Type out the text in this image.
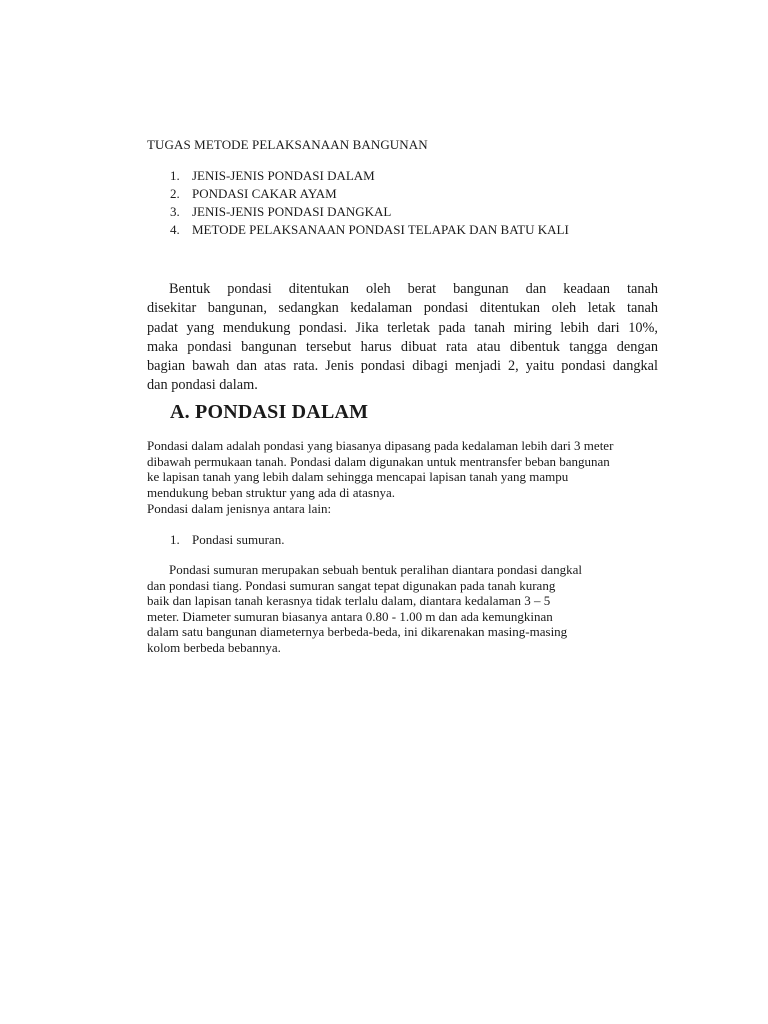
TUGAS METODE PELAKSANAAN BANGUNAN
1. JENIS-JENIS PONDASI DALAM
2. PONDASI CAKAR AYAM
3. JENIS-JENIS PONDASI DANGKAL
4. METODE PELAKSANAAN PONDASI TELAPAK DAN BATU KALI

Bentuk pondasi ditentukan oleh berat bangunan dan keadaan tanah
disekitar bangunan, sedangkan kedalaman pondasi ditentukan oleh letak tanah
padat yang mendukung pondasi. Jika terletak pada tanah miring lebih dari 10%,
maka pondasi bangunan tersebut harus dibuat rata atau dibentuk tangga dengan
bagian bawah dan atas rata. Jenis pondasi dibagi menjadi 2, yaitu pondasi dangkal
dan pondasi dalam.

A. PONDASI DALAM

Pondasi dalam adalah pondasi yang biasanya dipasang pada kedalaman lebih dari 3 meter
dibawah permukaan tanah. Pondasi dalam digunakan untuk mentransfer beban bangunan
ke lapisan tanah yang lebih dalam sehingga mencapai lapisan tanah yang mampu
mendukung beban struktur yang ada di atasnya.

Pondasi dalam jenisnya antara lain:

1. Pondasi sumuran.

Pondasi sumuran merupakan sebuah bentuk peralihan diantara pondasi dangkal
dan pondasi tiang. Pondasi sumuran sangat tepat digunakan pada tanah kurang
baik dan lapisan tanah kerasnya tidak terlalu dalam, diantara kedalaman 3 – 5
meter. Diameter sumuran biasanya antara 0.80 - 1.00 m dan ada kemungkinan
dalam satu bangunan diameternya berbeda-beda, ini dikarenakan masing-masing
kolom berbeda bebannya.
